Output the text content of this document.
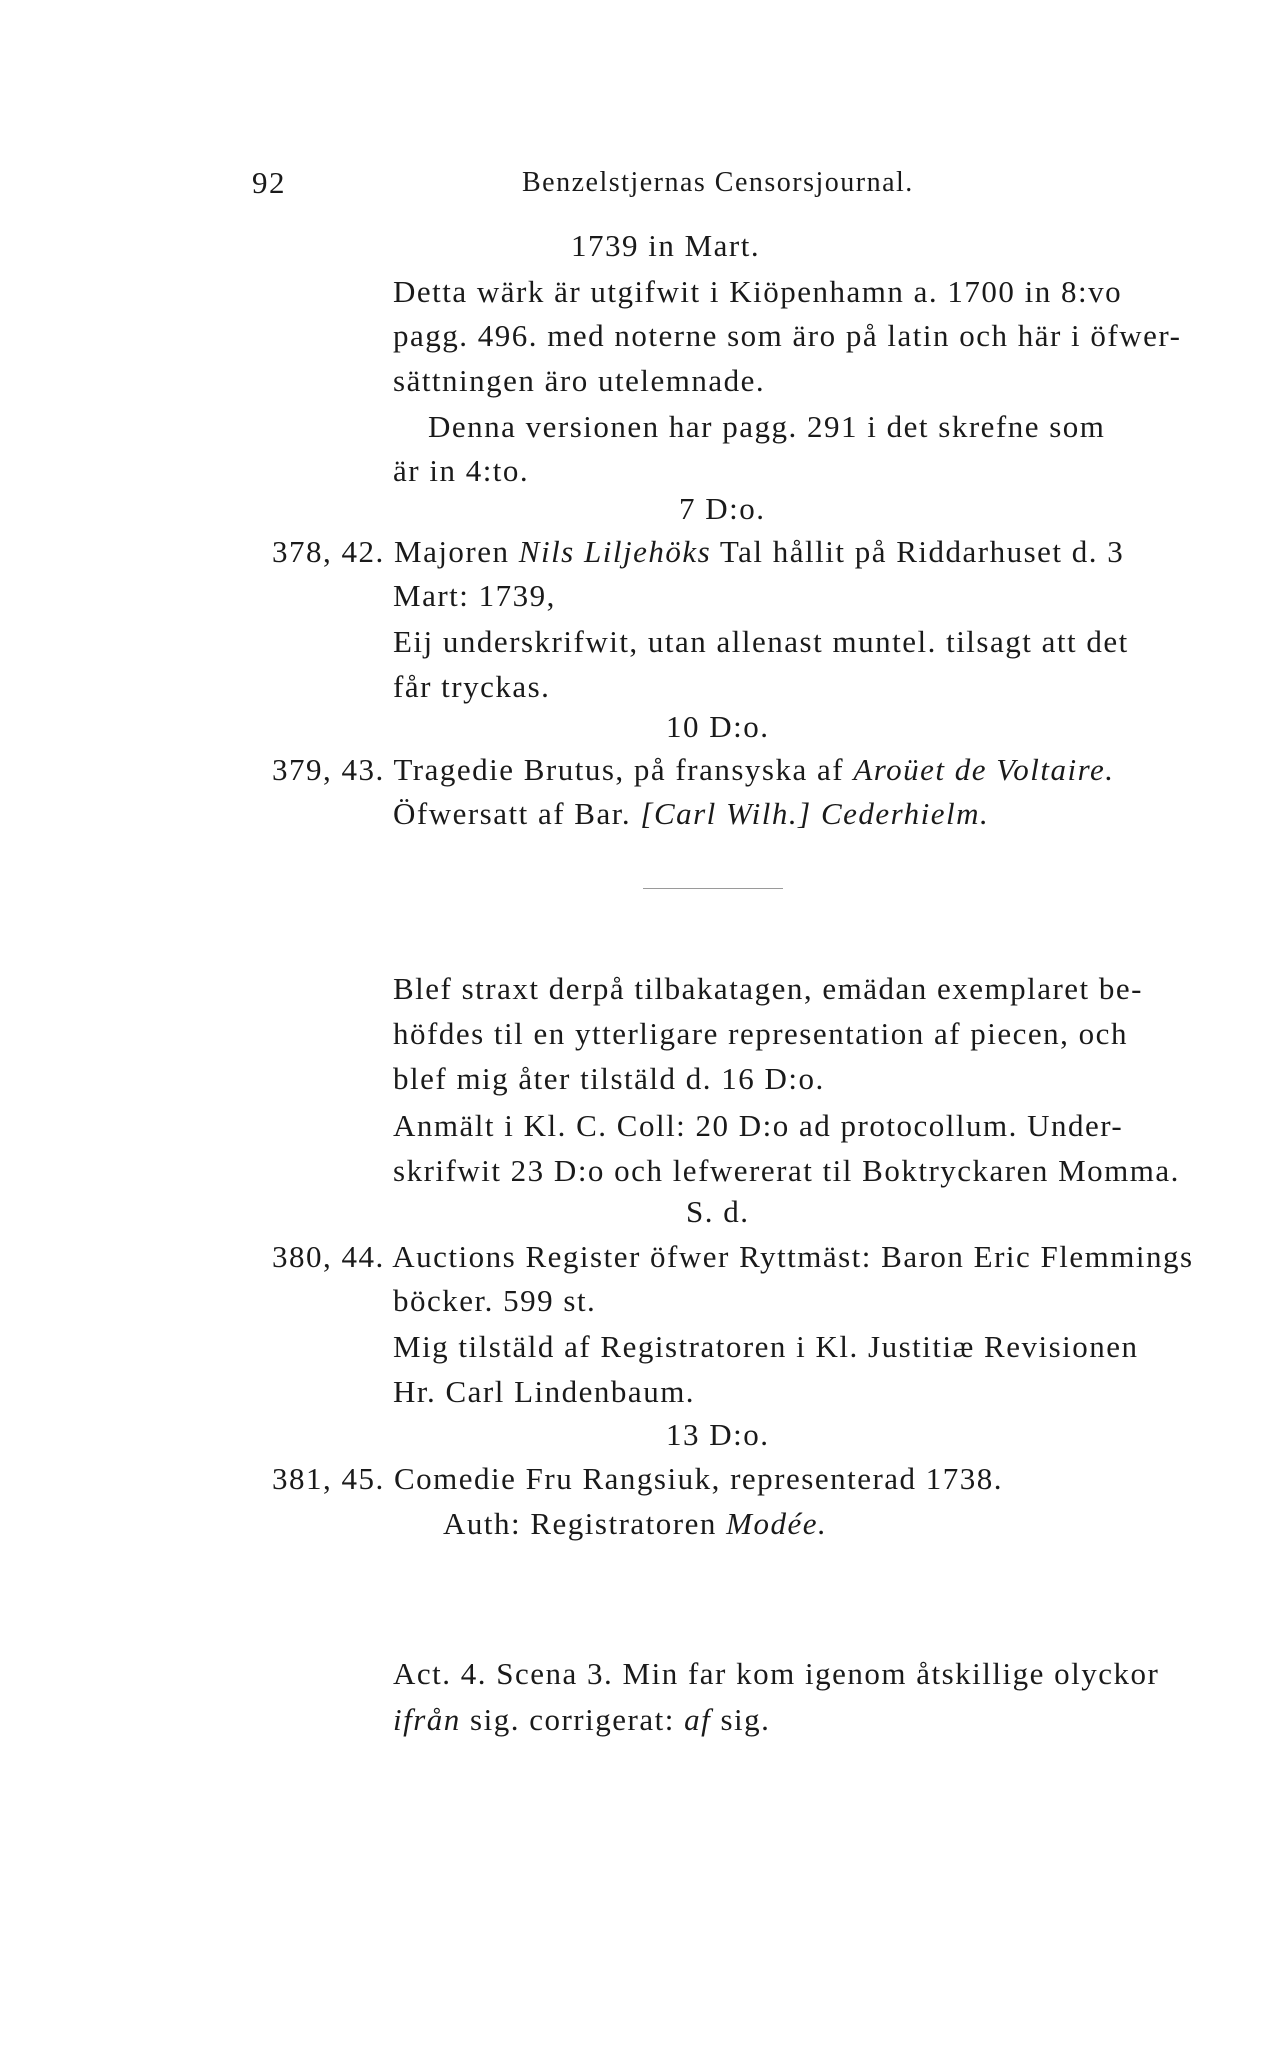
92	Benzelstjernas Censorsjournal.
1739 in Mart.
Detta wärk är utgifwit i Kiöpenhamn a. 1700 in 8:vo
pagg. 496. med noterne som äro på latin och här i öfwer-
sättningen äro utelemnade.
Denna versionen har pagg. 291 i det skrefne som
är in 4:to.
7 D:o.
378, 42. Majoren Nils Liljehöks Tal hållit på Riddarhuset d. 3
Mart: 1739,
Eij underskrifwit, utan allenast muntel. tilsagt att det
får tryckas.
10 D:o.
379, 43. Tragedie Brutus, på fransyska af Aroüet de Voltaire.
Öfwersatt af Bar. [Carl Wilh.] Cederhielm.
Blef straxt derpå tilbakatagen, emädan exemplaret be-
höfdes til en ytterligare representation af piecen, och
blef mig åter tilstäld d. 16 D:o.
Anmält i Kl. C. Coll: 20 D:o ad protocollum. Under-
skrifwit 23 D:o och lefwererat til Boktryckaren Momma.
S. d.
380, 44. Auctions Register öfwer Ryttmäst: Baron Eric Flemmings
böcker. 599 st.
Mig tilstäld af Registratoren i Kl. Justitiæ Revisionen
Hr. Carl Lindenbaum.
13 D:o.
381, 45. Comedie Fru Rangsiuk, representerad 1738.
Auth: Registratoren Modée.
Act. 4. Scena 3. Min far kom igenom åtskillige olyckor
ifrån sig. corrigerat: af sig.
